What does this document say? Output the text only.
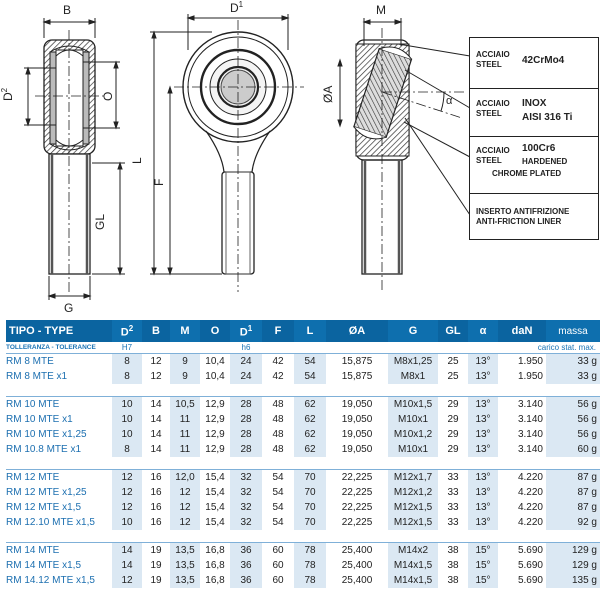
B
$D^2$
O
GL
G
L
F
$D^1$	M
ØA	α
ACCIAIO
STEEL 42CrMo4
ACCIAIO
STEEL
INOX
AISI 316 Ti
ACCIAIO
STEEL
100Cr6
HARDENED
CHROME PLATED
INSERTO ANTIFRIZIONE
ANTI-FRICTION LINER
TIPO - TYPE	$D^2$	B	M	O	$D^1$	F	L	ØA	G	GL	α	daN	massa
TOLLERANZA - TOLERANCE	H7				h6						carico stat. max.		
RM 8 MTE	8	12	9	10,4	24	42	54	15,875	M8x1,25	25	13°	1.950	33 g
RM 8 MTE x1	8	12	9	10,4	24	42	54	15,875	M8x1	25	13°	1.950	33 g

RM 10 MTE	10	14	10,5	12,9	28	48	62	19,050	M10x1,5	29	13°	3.140	56 g
RM 10 MTE x1	10	14	11	12,9	28	48	62	19,050	M10x1	29	13°	3.140	56 g
RM 10 MTE x1,25	10	14	11	12,9	28	48	62	19,050	M10x1,2	29	13°	3.140	56 g
RM 10.8 MTE x1	8	14	11	12,9	28	48	62	19,050	M10x1	29	13°	3.140	60 g

RM 12 MTE	12	16	12,0	15,4	32	54	70	22,225	M12x1,7	33	13°	4.220	87 g
RM 12 MTE x1,25	12	16	12	15,4	32	54	70	22,225	M12x1,2	33	13°	4.220	87 g
RM 12 MTE x1,5	12	16	12	15,4	32	54	70	22,225	M12x1,5	33	13°	4.220	87 g
RM 12.10 MTE x1,5	10	16	12	15,4	32	54	70	22,225	M12x1,5	33	13°	4.220	92 g

RM 14 MTE	14	19	13,5	16,8	36	60	78	25,400	M14x2	38	15°	5.690	129 g
RM 14 MTE x1,5	14	19	13,5	16,8	36	60	78	25,400	M14x1,5	38	15°	5.690	129 g
RM 14.12 MTE x1,5	12	19	13,5	16,8	36	60	78	25,400	M14x1,5	38	15°	5.690	135 g
